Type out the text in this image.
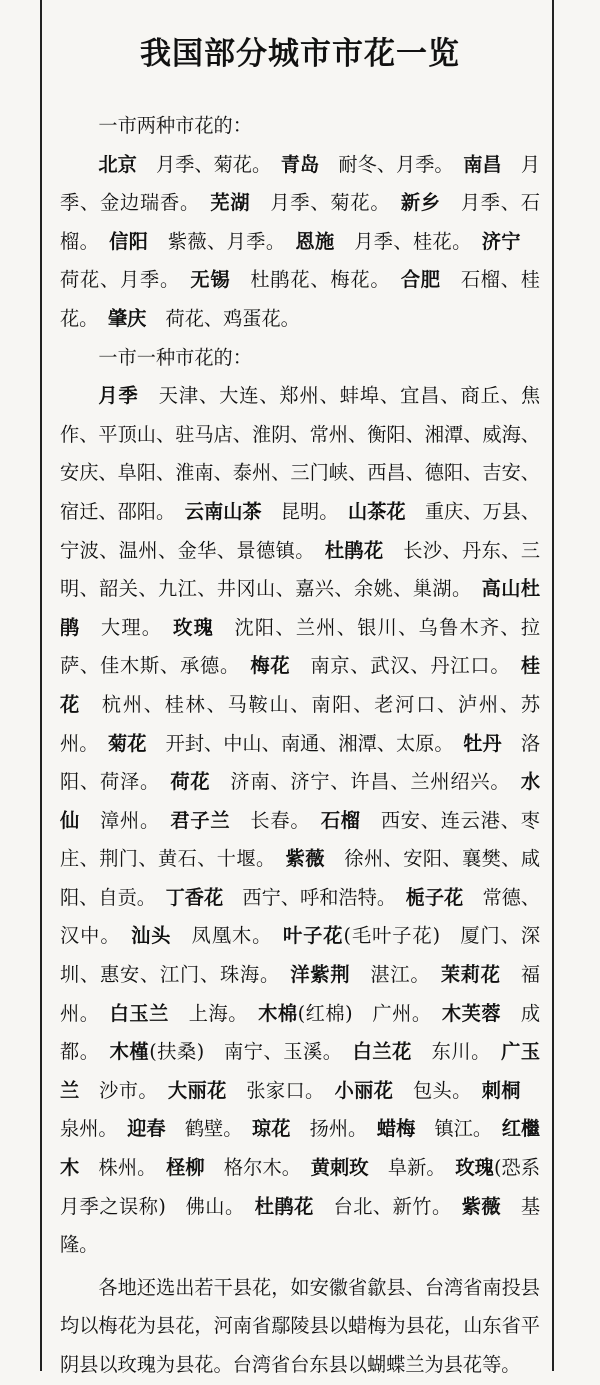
我国部分城市市花一览

一市两种市花的：

北京  月季、菊花。  青岛  耐冬、月季。  南昌  月季、金边瑞香。  芜湖  月季、菊花。  新乡  月季、石榴。  信阳  紫薇、月季。  恩施  月季、桂花。  济宁 荷花、月季。  无锡  杜鹃花、梅花。  合肥  石榴、桂花。  肇庆  荷花、鸡蛋花。 

一市一种市花的：

月季  天津、大连、郑州、蚌埠、宜昌、商丘、焦作、平顶山、驻马店、淮阴、常州、衡阳、湘潭、威海、安庆、阜阳、淮南、泰州、三门峡、西昌、德阳、吉安、宿迁、邵阳。  云南山茶  昆明。  山茶花  重庆、万县、宁波、温州、金华、景德镇。  杜鹃花  长沙、丹东、三明、韶关、九江、井冈山、嘉兴、余姚、巢湖。  高山杜鹃  大理。  玫瑰  沈阳、兰州、银川、乌鲁木齐、拉萨、佳木斯、承德。  梅花  南京、武汉、丹江口。  桂花  杭州、桂林、马鞍山、南阳、老河口、泸州、苏州。  菊花  开封、中山、南通、湘潭、太原。  牡丹  洛阳、荷泽。  荷花  济南、济宁、许昌、兰州绍兴。  水仙  漳州。  君子兰  长春。  石榴  西安、连云港、枣庄、荆门、黄石、十堰。  紫薇  徐州、安阳、襄樊、咸阳、自贡。  丁香花  西宁、呼和浩特。  栀子花  常德、汉中。  汕头  凤凰木。  叶子花(毛叶子花)  厦门、深圳、惠安、江门、珠海。  洋紫荆  湛江。  茉莉花  福州。  白玉兰  上海。  木棉(红棉)  广州。  木芙蓉  成都。  木槿(扶桑)  南宁、玉溪。  白兰花  东川。  广玉兰  沙市。  大丽花  张家口。  小丽花  包头。  刺桐 泉州。  迎春  鹤壁。  琼花  扬州。  蜡梅  镇江。  红檵木  株州。  柽柳  格尔木。  黄刺玫  阜新。  玫瑰(恐系月季之误称)  佛山。  杜鹃花  台北、新竹。  紫薇  基隆。 

各地还选出若干县花，如安徽省歙县、台湾省南投县均以梅花为县花，河南省鄢陵县以蜡梅为县花，山东省平阴县以玫瑰为县花。台湾省台东县以蝴蝶兰为县花等。
